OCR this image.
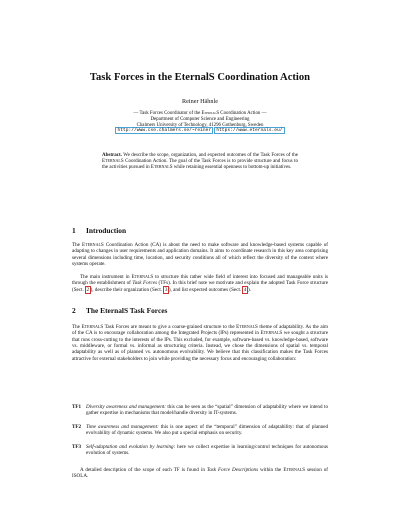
Task Forces in the EternalS Coordination Action
Reiner Hähnle
— Task Forces Coordinator of the EternalS Coordination Action —
Department of Computer Science and Engineering
Chalmers University of Technology, 41296 Gothenburg, Sweden
http://www.cse.chalmers.se/~reiner https://www.eternals.eu/
Abstract. We describe the scope, organization, and expected outcomes of the Task Forces of the EternalS Coordination Action. The goal of the Task Forces is to provide structure and focus to the activities pursued in EternalS while retaining essential openness to bottom-up initiatives.
1 Introduction
The EternalS Coordination Action (CA) is about the need to make software and knowledge-based systems capable of adapting to changes in user requirements and application domains. It aims to coordinate research in this key area comprising several dimensions including time, location, and security conditions all of which reflect the diversity of the context where systems operate.
The main instrument in EternalS to structure this rather wide field of interest into focused and manageable units is through the establishment of Task Forces (TFs). In this brief note we motivate and explain the adopted Task Force structure (Sect. 2 ), describe their organization (Sect. 3 ), and list expected outcomes (Sect. 4 ).
2 The EternalS Task Forces
The EternalS Task Forces are meant to give a coarse-grained structure to the EternalS theme of adaptability. As the aim of the CA is to encourage collaboration among the Integrated Projects (IPs) represented in EternalS we sought a structure that runs cross-cutting to the interests of the IPs. This excluded, for example, software-based vs. knowledge-based, software vs. middleware, or formal vs. informal as structuring criteria. Instead, we chose the dimensions of spatial vs. temporal adaptability as well as of planned vs. autonomous evolvability. We believe that this classification makes the Task Forces attractive for external stakeholders to join while providing the necessary focus and encouraging collaboration:
TF1 Diversity awareness and management: this can be seen as the “spatial” dimension of adaptability where we intend to gather expertise in mechanisms that model/handle diversity in IT-systems.
TF2 Time awareness and management: this is one aspect of the “temporal” dimension of adaptability: that of planned evolvability of dynamic systems. We also put a special emphasis on security.
TF3 Self-adaptation and evolution by learning: here we collect expertise in learning/control techniques for autonomous evolution of systems.
A detailed description of the scope of each TF is found in Task Force Descriptions within the EternalS session of ISOLA.
